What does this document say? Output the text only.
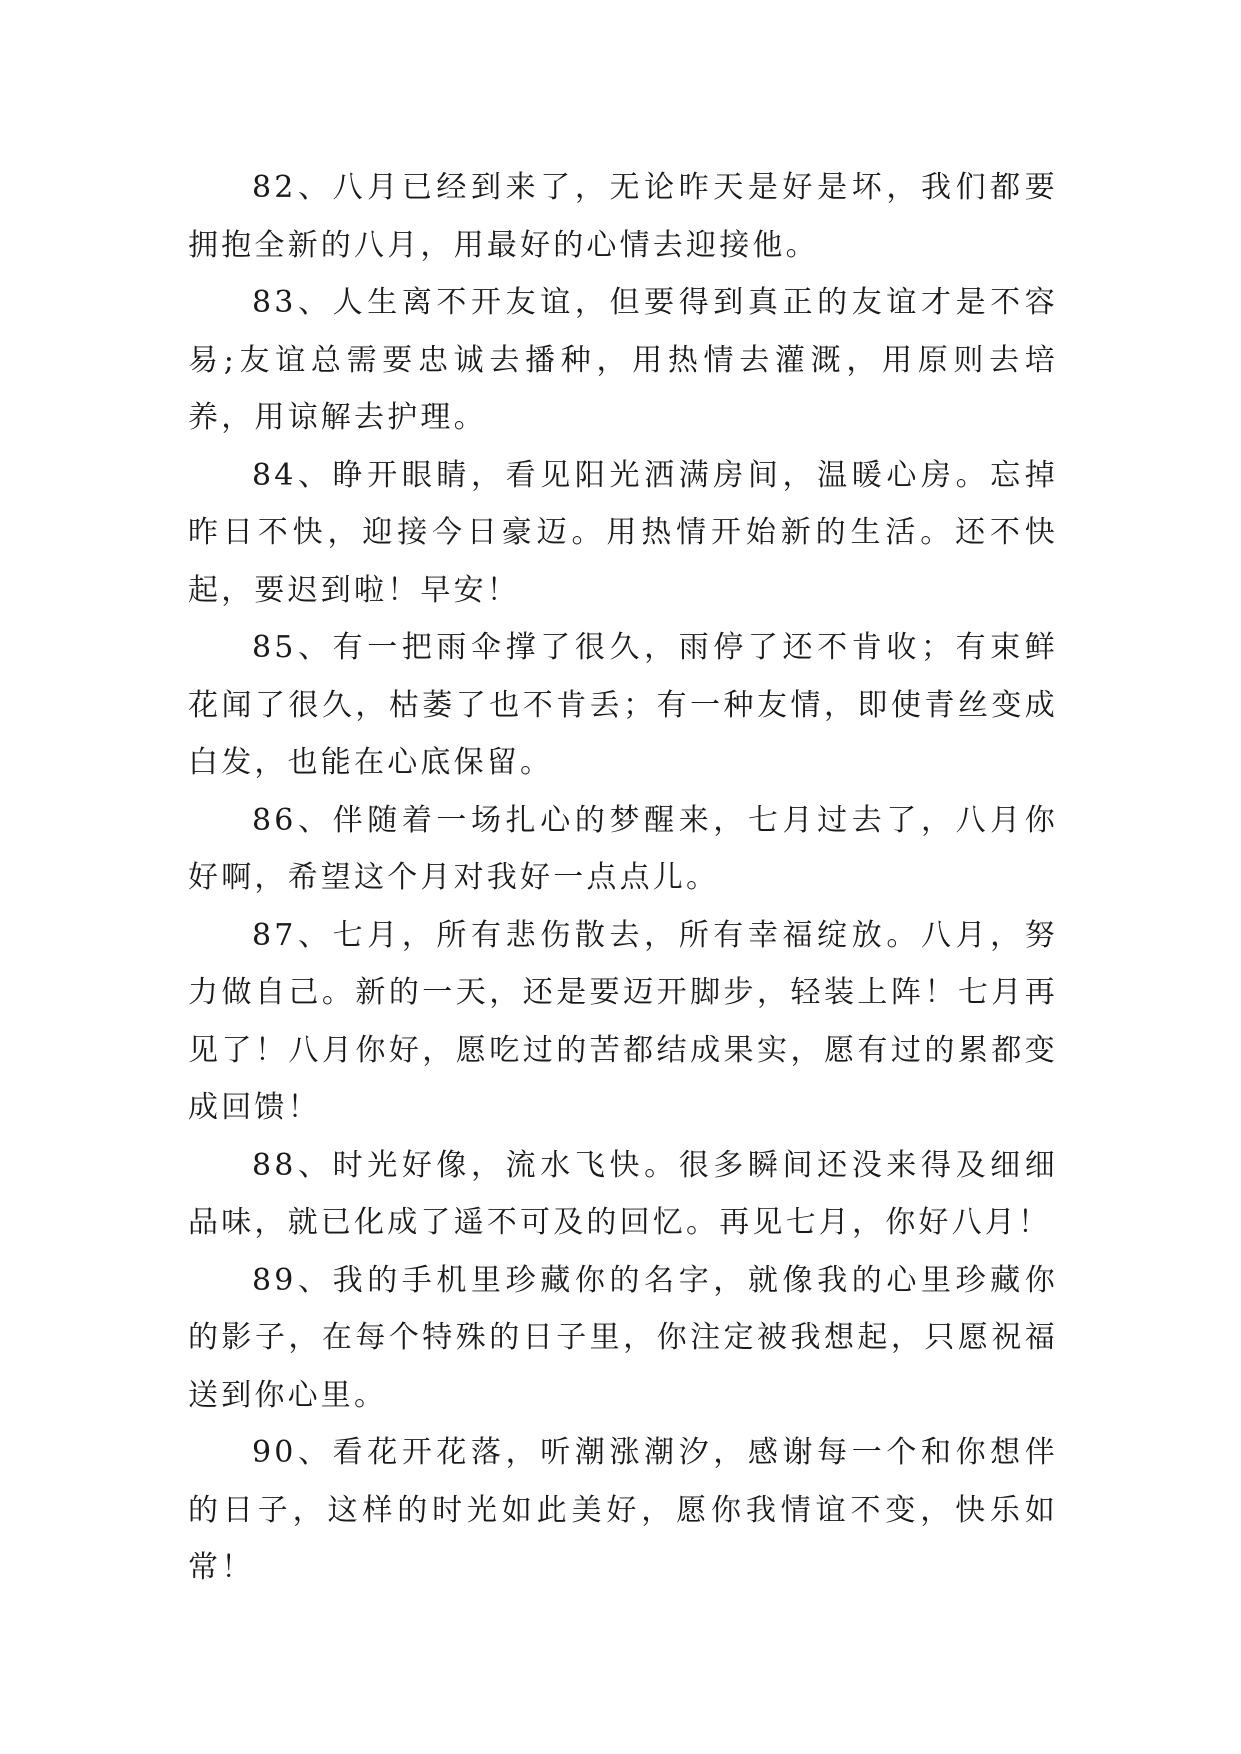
82、八月已经到来了，无论昨天是好是坏，我们都要拥抱全新的八月，用最好的心情去迎接他。

83、人生离不开友谊，但要得到真正的友谊才是不容易;友谊总需要忠诚去播种，用热情去灌溉，用原则去培养，用谅解去护理。

84、睁开眼睛，看见阳光洒满房间，温暖心房。忘掉昨日不快，迎接今日豪迈。用热情开始新的生活。还不快起，要迟到啦！早安！

85、有一把雨伞撑了很久，雨停了还不肯收；有束鲜花闻了很久，枯萎了也不肯丢；有一种友情，即使青丝变成白发，也能在心底保留。

86、伴随着一场扎心的梦醒来，七月过去了，八月你好啊，希望这个月对我好一点点儿。

87、七月，所有悲伤散去，所有幸福绽放。八月，努力做自己。新的一天，还是要迈开脚步，轻装上阵！七月再见了！八月你好，愿吃过的苦都结成果实，愿有过的累都变成回馈！

88、时光好像，流水飞快。很多瞬间还没来得及细细品味，就已化成了遥不可及的回忆。再见七月，你好八月！

89、我的手机里珍藏你的名字，就像我的心里珍藏你的影子，在每个特殊的日子里，你注定被我想起，只愿祝福送到你心里。

90、看花开花落，听潮涨潮汐，感谢每一个和你想伴的日子，这样的时光如此美好，愿你我情谊不变，快乐如常！
